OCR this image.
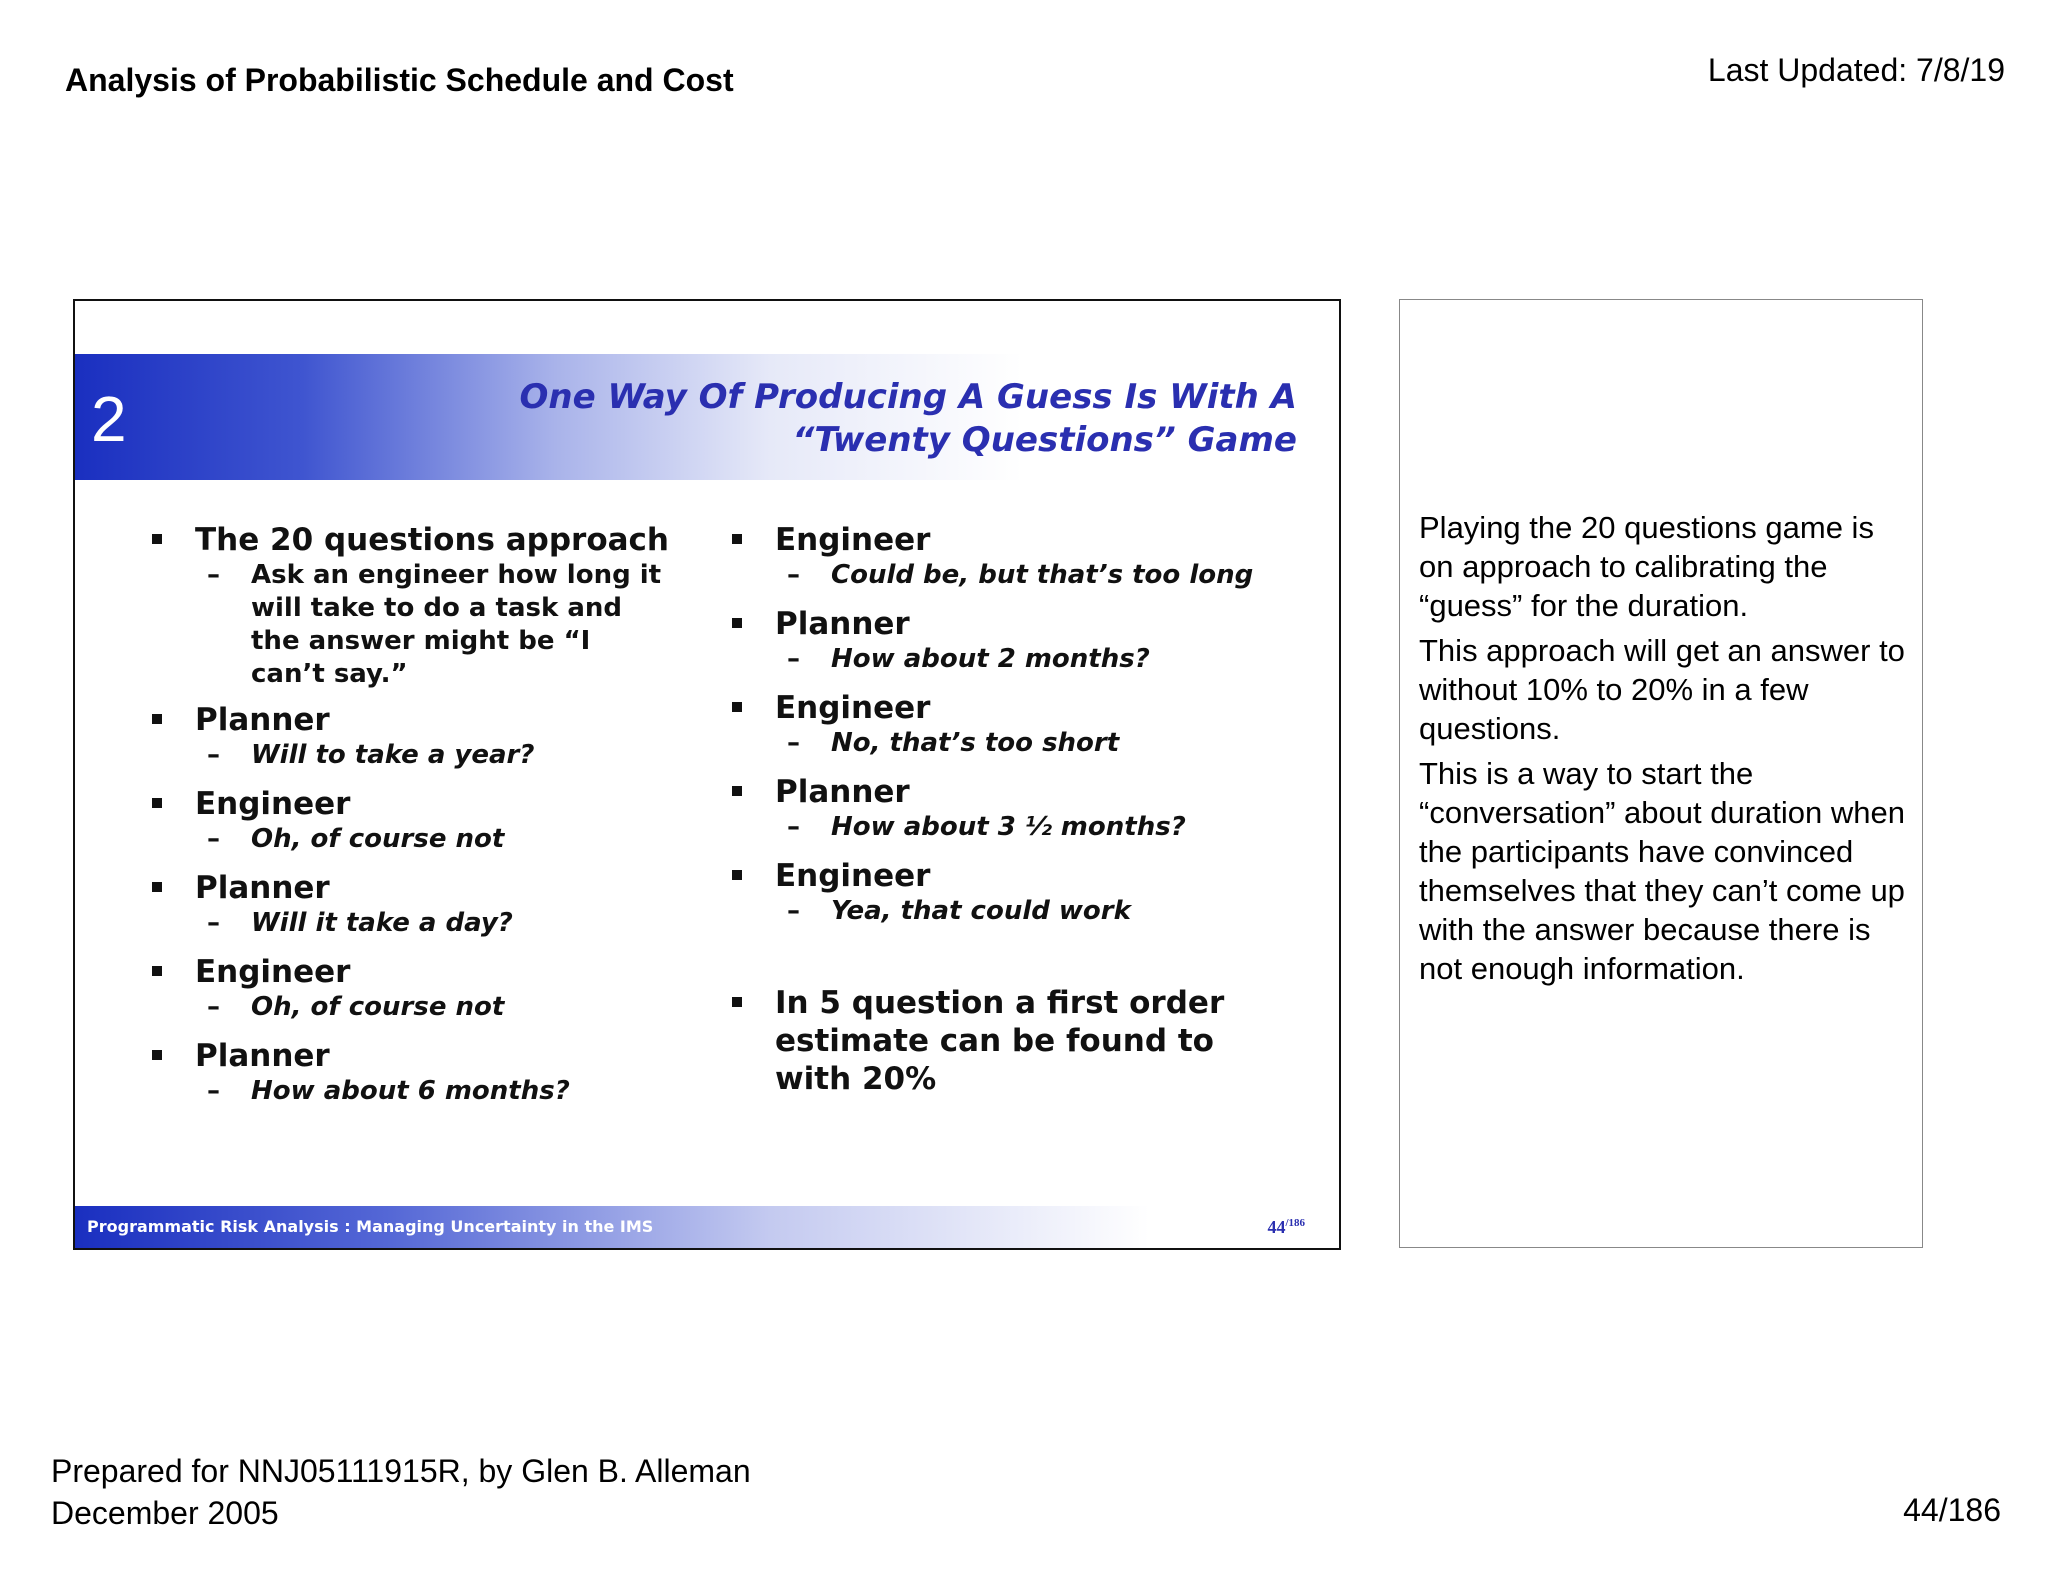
Analysis of Probabilistic Schedule and Cost	Last Updated: 7/8/19
2	One Way Of Producing A Guess Is With A
“Twenty Questions” Game
The 20 questions approach
– Ask an engineer how long it will take to do a task and the answer might be “I can’t say.”
Planner
– Will to take a year?
Engineer
– Oh, of course not
Planner
– Will it take a day?
Engineer
– Oh, of course not
Planner
– How about 6 months?
Engineer
– Could be, but that’s too long
Planner
– How about 2 months?
Engineer
– No, that’s too short
Planner
– How about 3 ½ months?
Engineer
– Yea, that could work
In 5 question a first order estimate can be found to with 20%
Programmatic Risk Analysis : Managing Uncertainty in the IMS	$44^{/186}$

Playing the 20 questions game is on approach to calibrating the “guess” for the duration.

This approach will get an answer to without 10% to 20% in a few questions.

This is a way to start the “conversation” about duration when the participants have convinced themselves that they can’t come up with the answer because there is not enough information.

Prepared for NNJ05111915R, by Glen B. Alleman
December 2005	44/186
